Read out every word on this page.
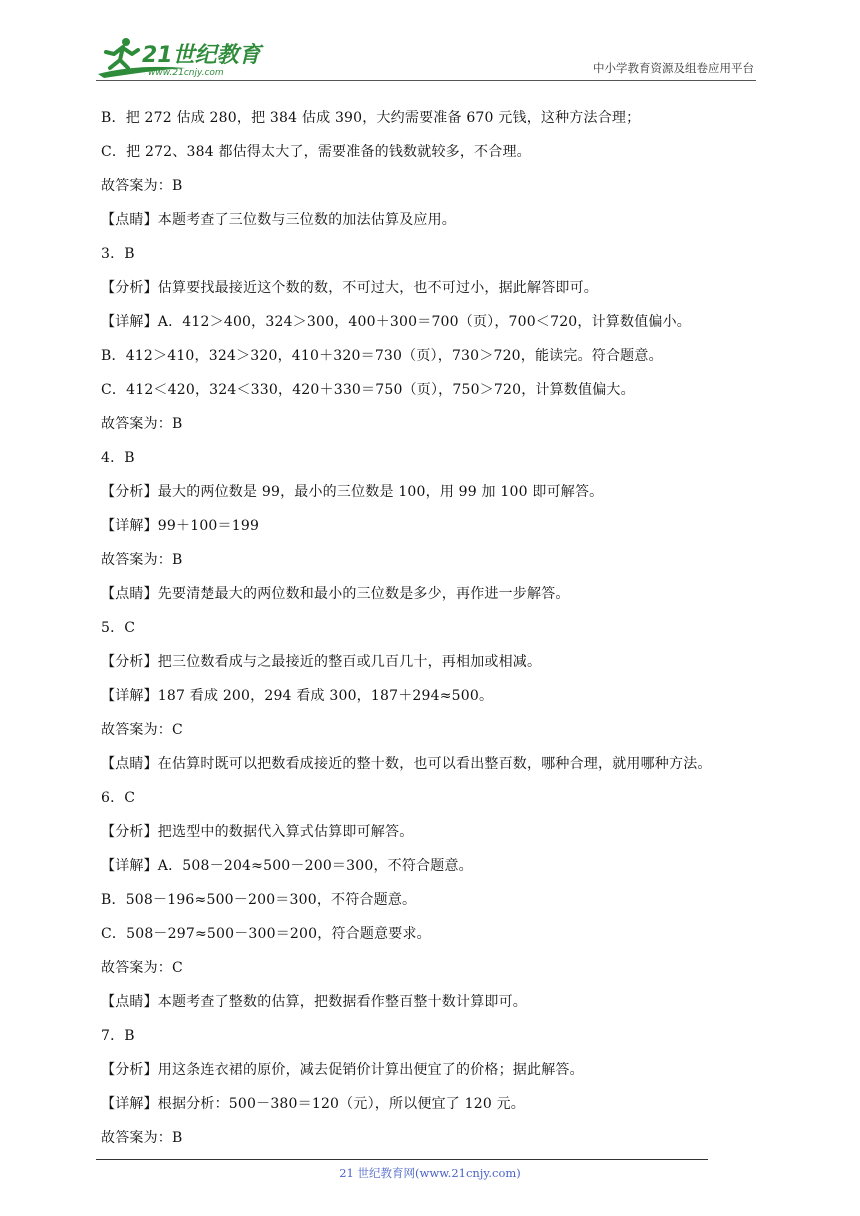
21世纪教育
www.21cnjy.com	中小学教育资源及组卷应用平台
B．把 272 估成 280，把 384 估成 390，大约需要准备 670 元钱，这种方法合理；
C．把 272、384 都估得太大了，需要准备的钱数就较多，不合理。
故答案为：B
【点睛】本题考查了三位数与三位数的加法估算及应用。
3．B
【分析】估算要找最接近这个数的数，不可过大，也不可过小，据此解答即可。
【详解】A．412＞400，324＞300，400＋300＝700（页），700＜720，计算数值偏小。
B．412＞410，324＞320，410＋320＝730（页），730＞720，能读完。符合题意。
C．412＜420，324＜330，420＋330＝750（页），750＞720，计算数值偏大。
故答案为：B
4．B
【分析】最大的两位数是 99，最小的三位数是 100，用 99 加 100 即可解答。
【详解】99＋100＝199
故答案为：B
【点睛】先要清楚最大的两位数和最小的三位数是多少，再作进一步解答。
5．C
【分析】把三位数看成与之最接近的整百或几百几十，再相加或相减。
【详解】187 看成 200，294 看成 300，187＋294≈500。
故答案为：C
【点睛】在估算时既可以把数看成接近的整十数，也可以看出整百数，哪种合理，就用哪种方法。
6．C
【分析】把选型中的数据代入算式估算即可解答。
【详解】A．508－204≈500－200＝300，不符合题意。
B．508－196≈500－200＝300，不符合题意。
C．508－297≈500－300＝200，符合题意要求。
故答案为：C
【点睛】本题考查了整数的估算，把数据看作整百整十数计算即可。
7．B
【分析】用这条连衣裙的原价，减去促销价计算出便宜了的价格；据此解答。
【详解】根据分析：500－380＝120（元），所以便宜了 120 元。
故答案为：B
21 世纪教育网(www.21cnjy.com)
